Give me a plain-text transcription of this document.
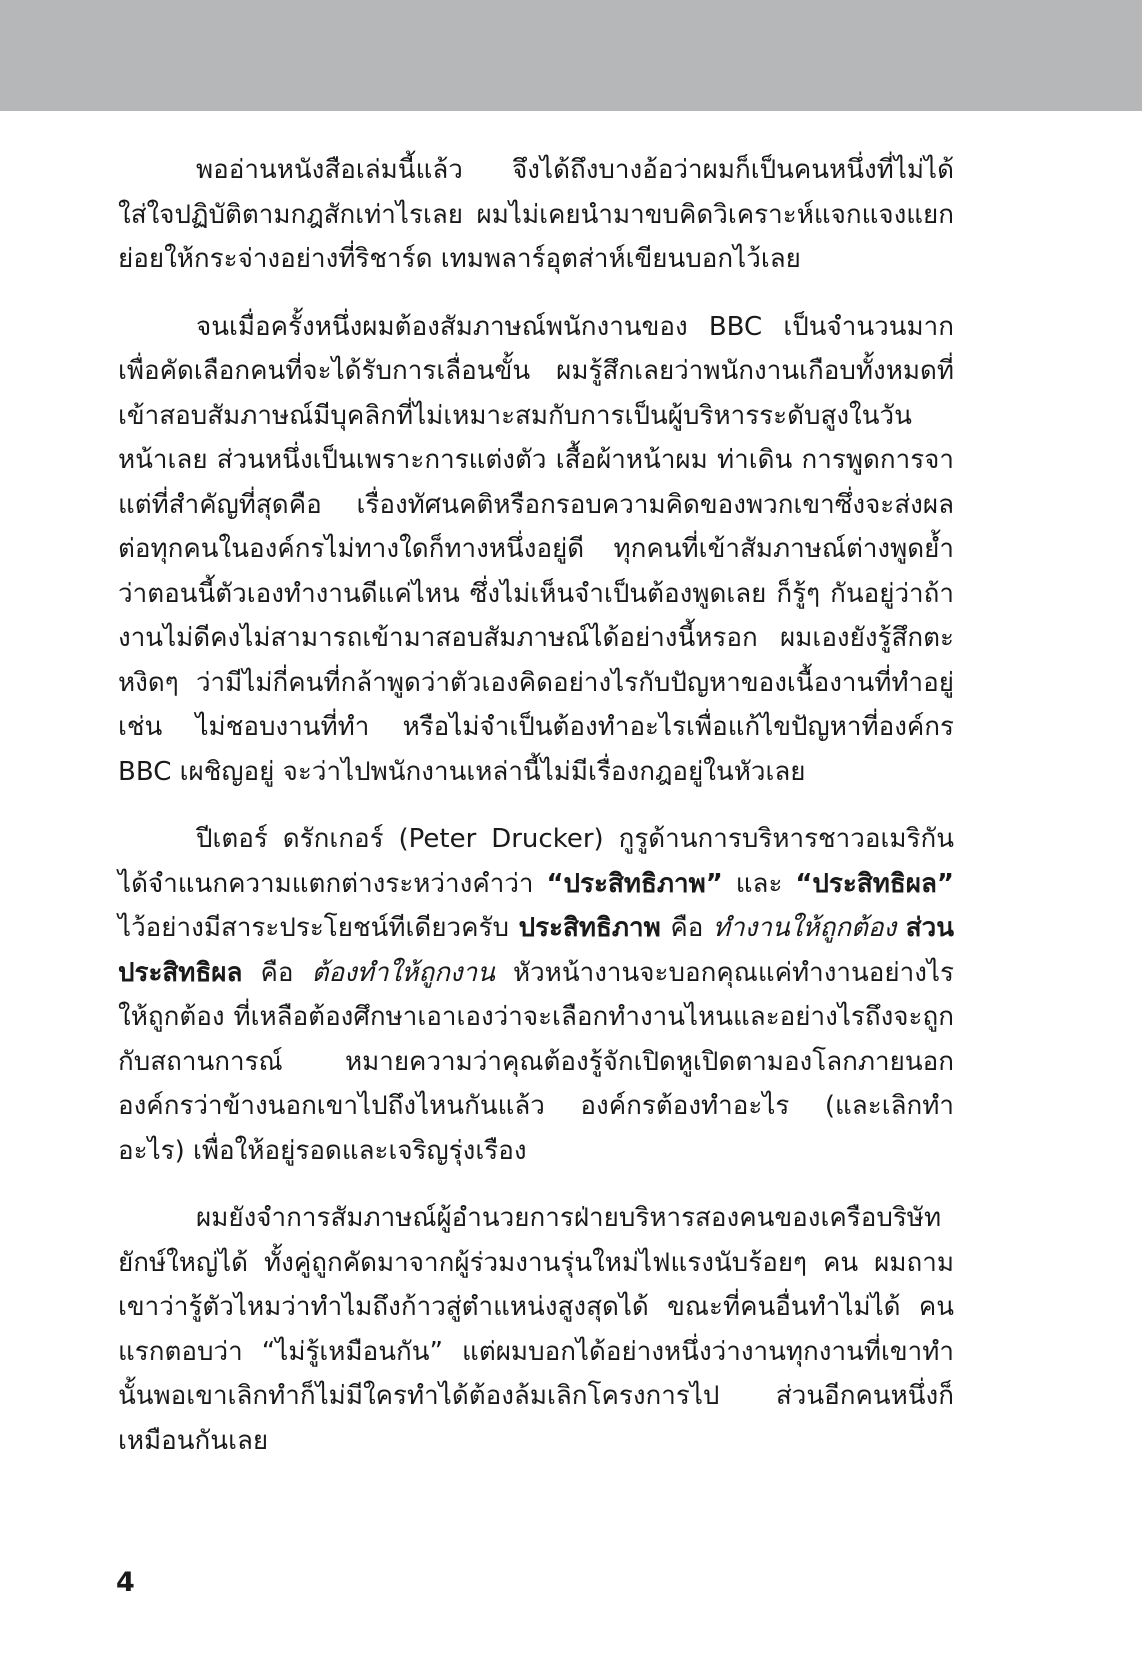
พออ่านหนังสือเล่มนี้แล้ว จึงได้ถึงบางอ้อว่าผมก็เป็นคนหนึ่งที่ไม่ได้ใส่ใจปฏิบัติตามกฎสักเท่าไรเลย ผมไม่เคยนำมาขบคิดวิเคราะห์แจกแจงแยกย่อยให้กระจ่างอย่างที่ริชาร์ด เทมพลาร์อุตส่าห์เขียนบอกไว้เลย

จนเมื่อครั้งหนึ่งผมต้องสัมภาษณ์พนักงานของ BBC เป็นจำนวนมากเพื่อคัดเลือกคนที่จะได้รับการเลื่อนขั้น ผมรู้สึกเลยว่าพนักงานเกือบทั้งหมดที่เข้าสอบสัมภาษณ์มีบุคลิกที่ไม่เหมาะสมกับการเป็นผู้บริหารระดับสูงในวันหน้าเลย ส่วนหนึ่งเป็นเพราะการแต่งตัว เสื้อผ้าหน้าผม ท่าเดิน การพูดการจา แต่ที่สำคัญที่สุดคือ เรื่องทัศนคติหรือกรอบความคิดของพวกเขาซึ่งจะส่งผลต่อทุกคนในองค์กรไม่ทางใดก็ทางหนึ่งอยู่ดี ทุกคนที่เข้าสัมภาษณ์ต่างพูดย้ำว่าตอนนี้ตัวเองทำงานดีแค่ไหน ซึ่งไม่เห็นจำเป็นต้องพูดเลย ก็รู้ๆ กันอยู่ว่าถ้างานไม่ดีคงไม่สามารถเข้ามาสอบสัมภาษณ์ได้อย่างนี้หรอก ผมเองยังรู้สึกตะหงิดๆ ว่ามีไม่กี่คนที่กล้าพูดว่าตัวเองคิดอย่างไรกับปัญหาของเนื้องานที่ทำอยู่ เช่น ไม่ชอบงานที่ทำ หรือไม่จำเป็นต้องทำอะไรเพื่อแก้ไขปัญหาที่องค์กร BBC เผชิญอยู่ จะว่าไปพนักงานเหล่านี้ไม่มีเรื่องกฎอยู่ในหัวเลย

ปีเตอร์ ดรักเกอร์ (Peter Drucker) กูรูด้านการบริหารชาวอเมริกัน ได้จำแนกความแตกต่างระหว่างคำว่า “ประสิทธิภาพ” และ “ประสิทธิผล” ไว้อย่างมีสาระประโยชน์ทีเดียวครับ ประสิทธิภาพ คือ ทำงานให้ถูกต้อง ส่วนประสิทธิผล คือ ต้องทำให้ถูกงาน หัวหน้างานจะบอกคุณแค่ทำงานอย่างไรให้ถูกต้อง ที่เหลือต้องศึกษาเอาเองว่าจะเลือกทำงานไหนและอย่างไรถึงจะถูกกับสถานการณ์ หมายความว่าคุณต้องรู้จักเปิดหูเปิดตามองโลกภายนอกองค์กรว่าข้างนอกเขาไปถึงไหนกันแล้ว องค์กรต้องทำอะไร (และเลิกทำอะไร) เพื่อให้อยู่รอดและเจริญรุ่งเรือง

ผมยังจำการสัมภาษณ์ผู้อำนวยการฝ่ายบริหารสองคนของเครือบริษัทยักษ์ใหญ่ได้ ทั้งคู่ถูกคัดมาจากผู้ร่วมงานรุ่นใหม่ไฟแรงนับร้อยๆ คน ผมถามเขาว่ารู้ตัวไหมว่าทำไมถึงก้าวสู่ตำแหน่งสูงสุดได้ ขณะที่คนอื่นทำไม่ได้ คนแรกตอบว่า “ไม่รู้เหมือนกัน” แต่ผมบอกได้อย่างหนึ่งว่างานทุกงานที่เขาทำนั้นพอเขาเลิกทำก็ไม่มีใครทำได้ต้องล้มเลิกโครงการไป ส่วนอีกคนหนึ่งก็เหมือนกันเลย

4
